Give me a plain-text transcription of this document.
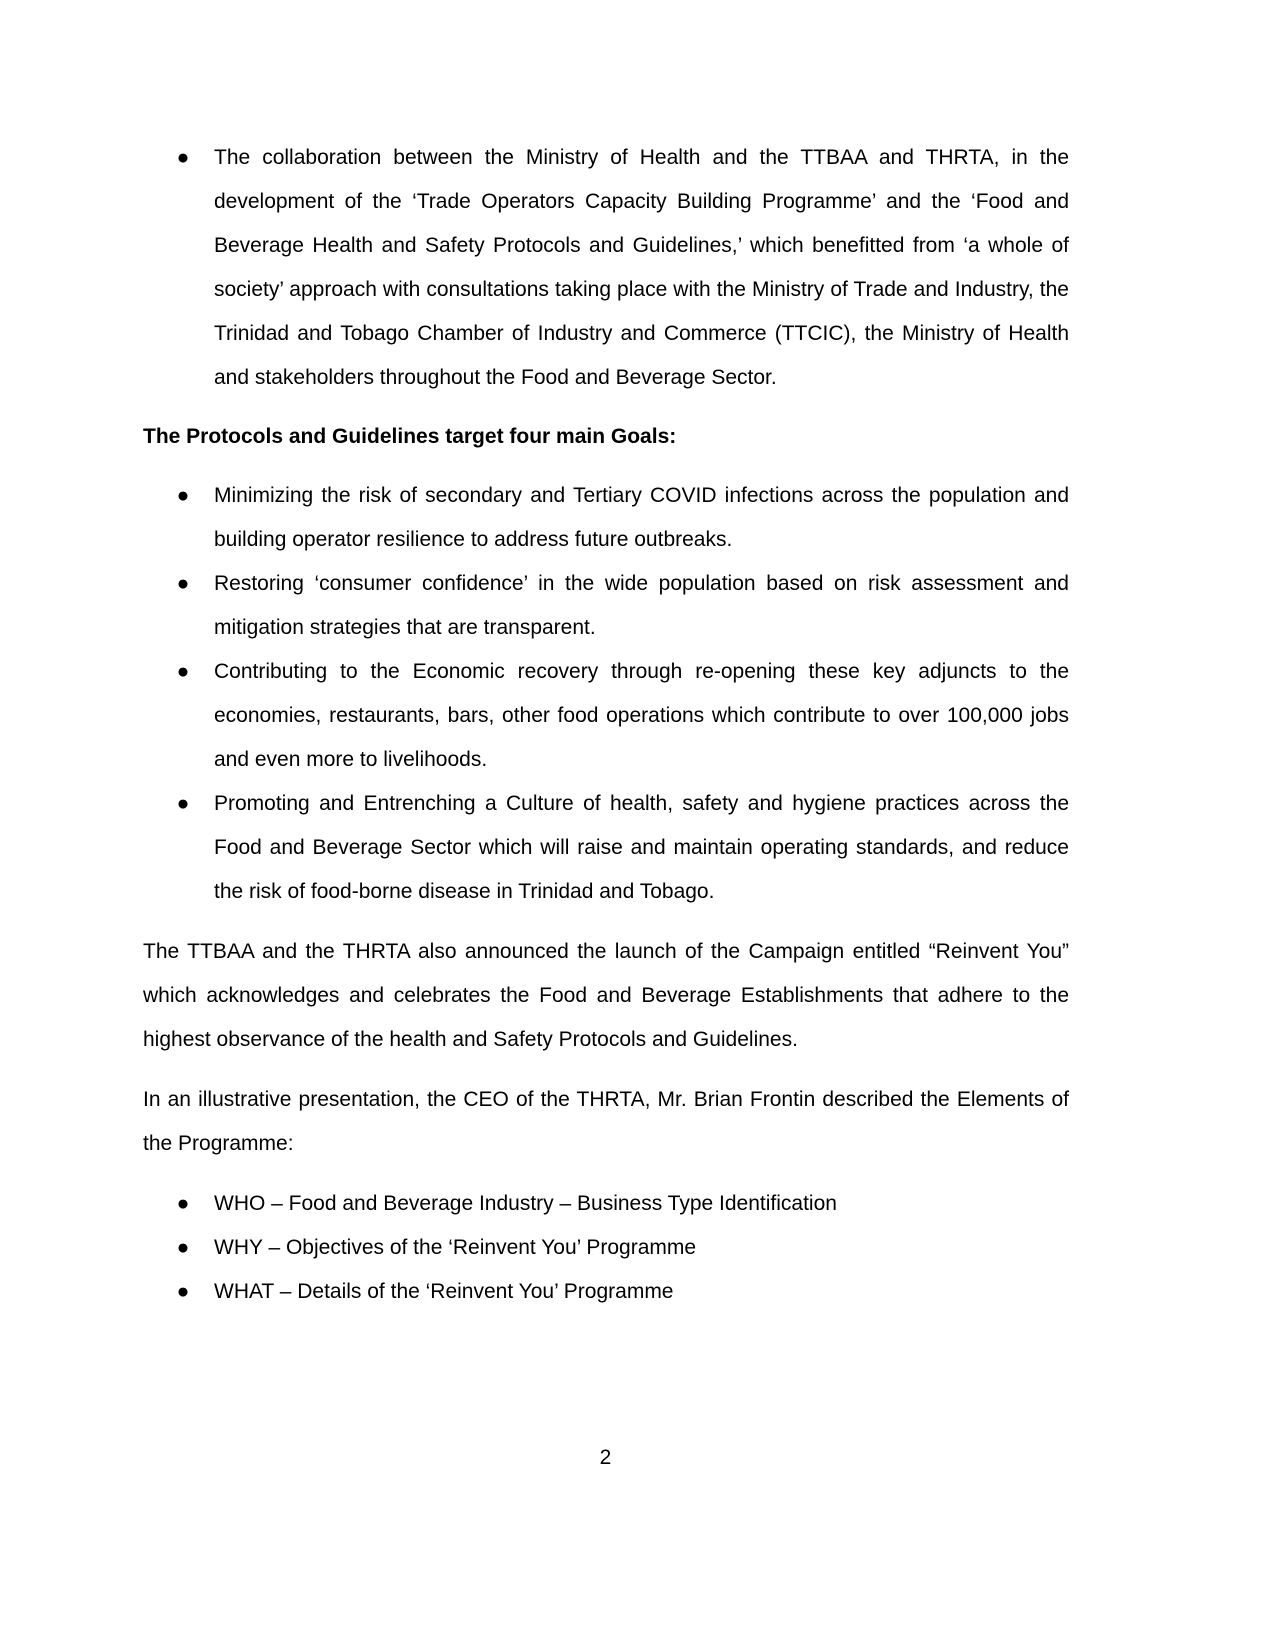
● The collaboration between the Ministry of Health and the TTBAA and THRTA, in the development of the ‘Trade Operators Capacity Building Programme’ and the ‘Food and Beverage Health and Safety Protocols and Guidelines,’ which benefitted from ‘a whole of society’ approach with consultations taking place with the Ministry of Trade and Industry, the Trinidad and Tobago Chamber of Industry and Commerce (TTCIC), the Ministry of Health and stakeholders throughout the Food and Beverage Sector.

The Protocols and Guidelines target four main Goals:

● Minimizing the risk of secondary and Tertiary COVID infections across the population and building operator resilience to address future outbreaks.
● Restoring ‘consumer confidence’ in the wide population based on risk assessment and mitigation strategies that are transparent.
● Contributing to the Economic recovery through re-opening these key adjuncts to the economies, restaurants, bars, other food operations which contribute to over 100,000 jobs and even more to livelihoods.
● Promoting and Entrenching a Culture of health, safety and hygiene practices across the Food and Beverage Sector which will raise and maintain operating standards, and reduce the risk of food-borne disease in Trinidad and Tobago.

The TTBAA and the THRTA also announced the launch of the Campaign entitled “Reinvent You” which acknowledges and celebrates the Food and Beverage Establishments that adhere to the highest observance of the health and Safety Protocols and Guidelines.

In an illustrative presentation, the CEO of the THRTA, Mr. Brian Frontin described the Elements of the Programme:

● WHO – Food and Beverage Industry – Business Type Identification
● WHY – Objectives of the ‘Reinvent You’ Programme
● WHAT – Details of the ‘Reinvent You’ Programme
2
